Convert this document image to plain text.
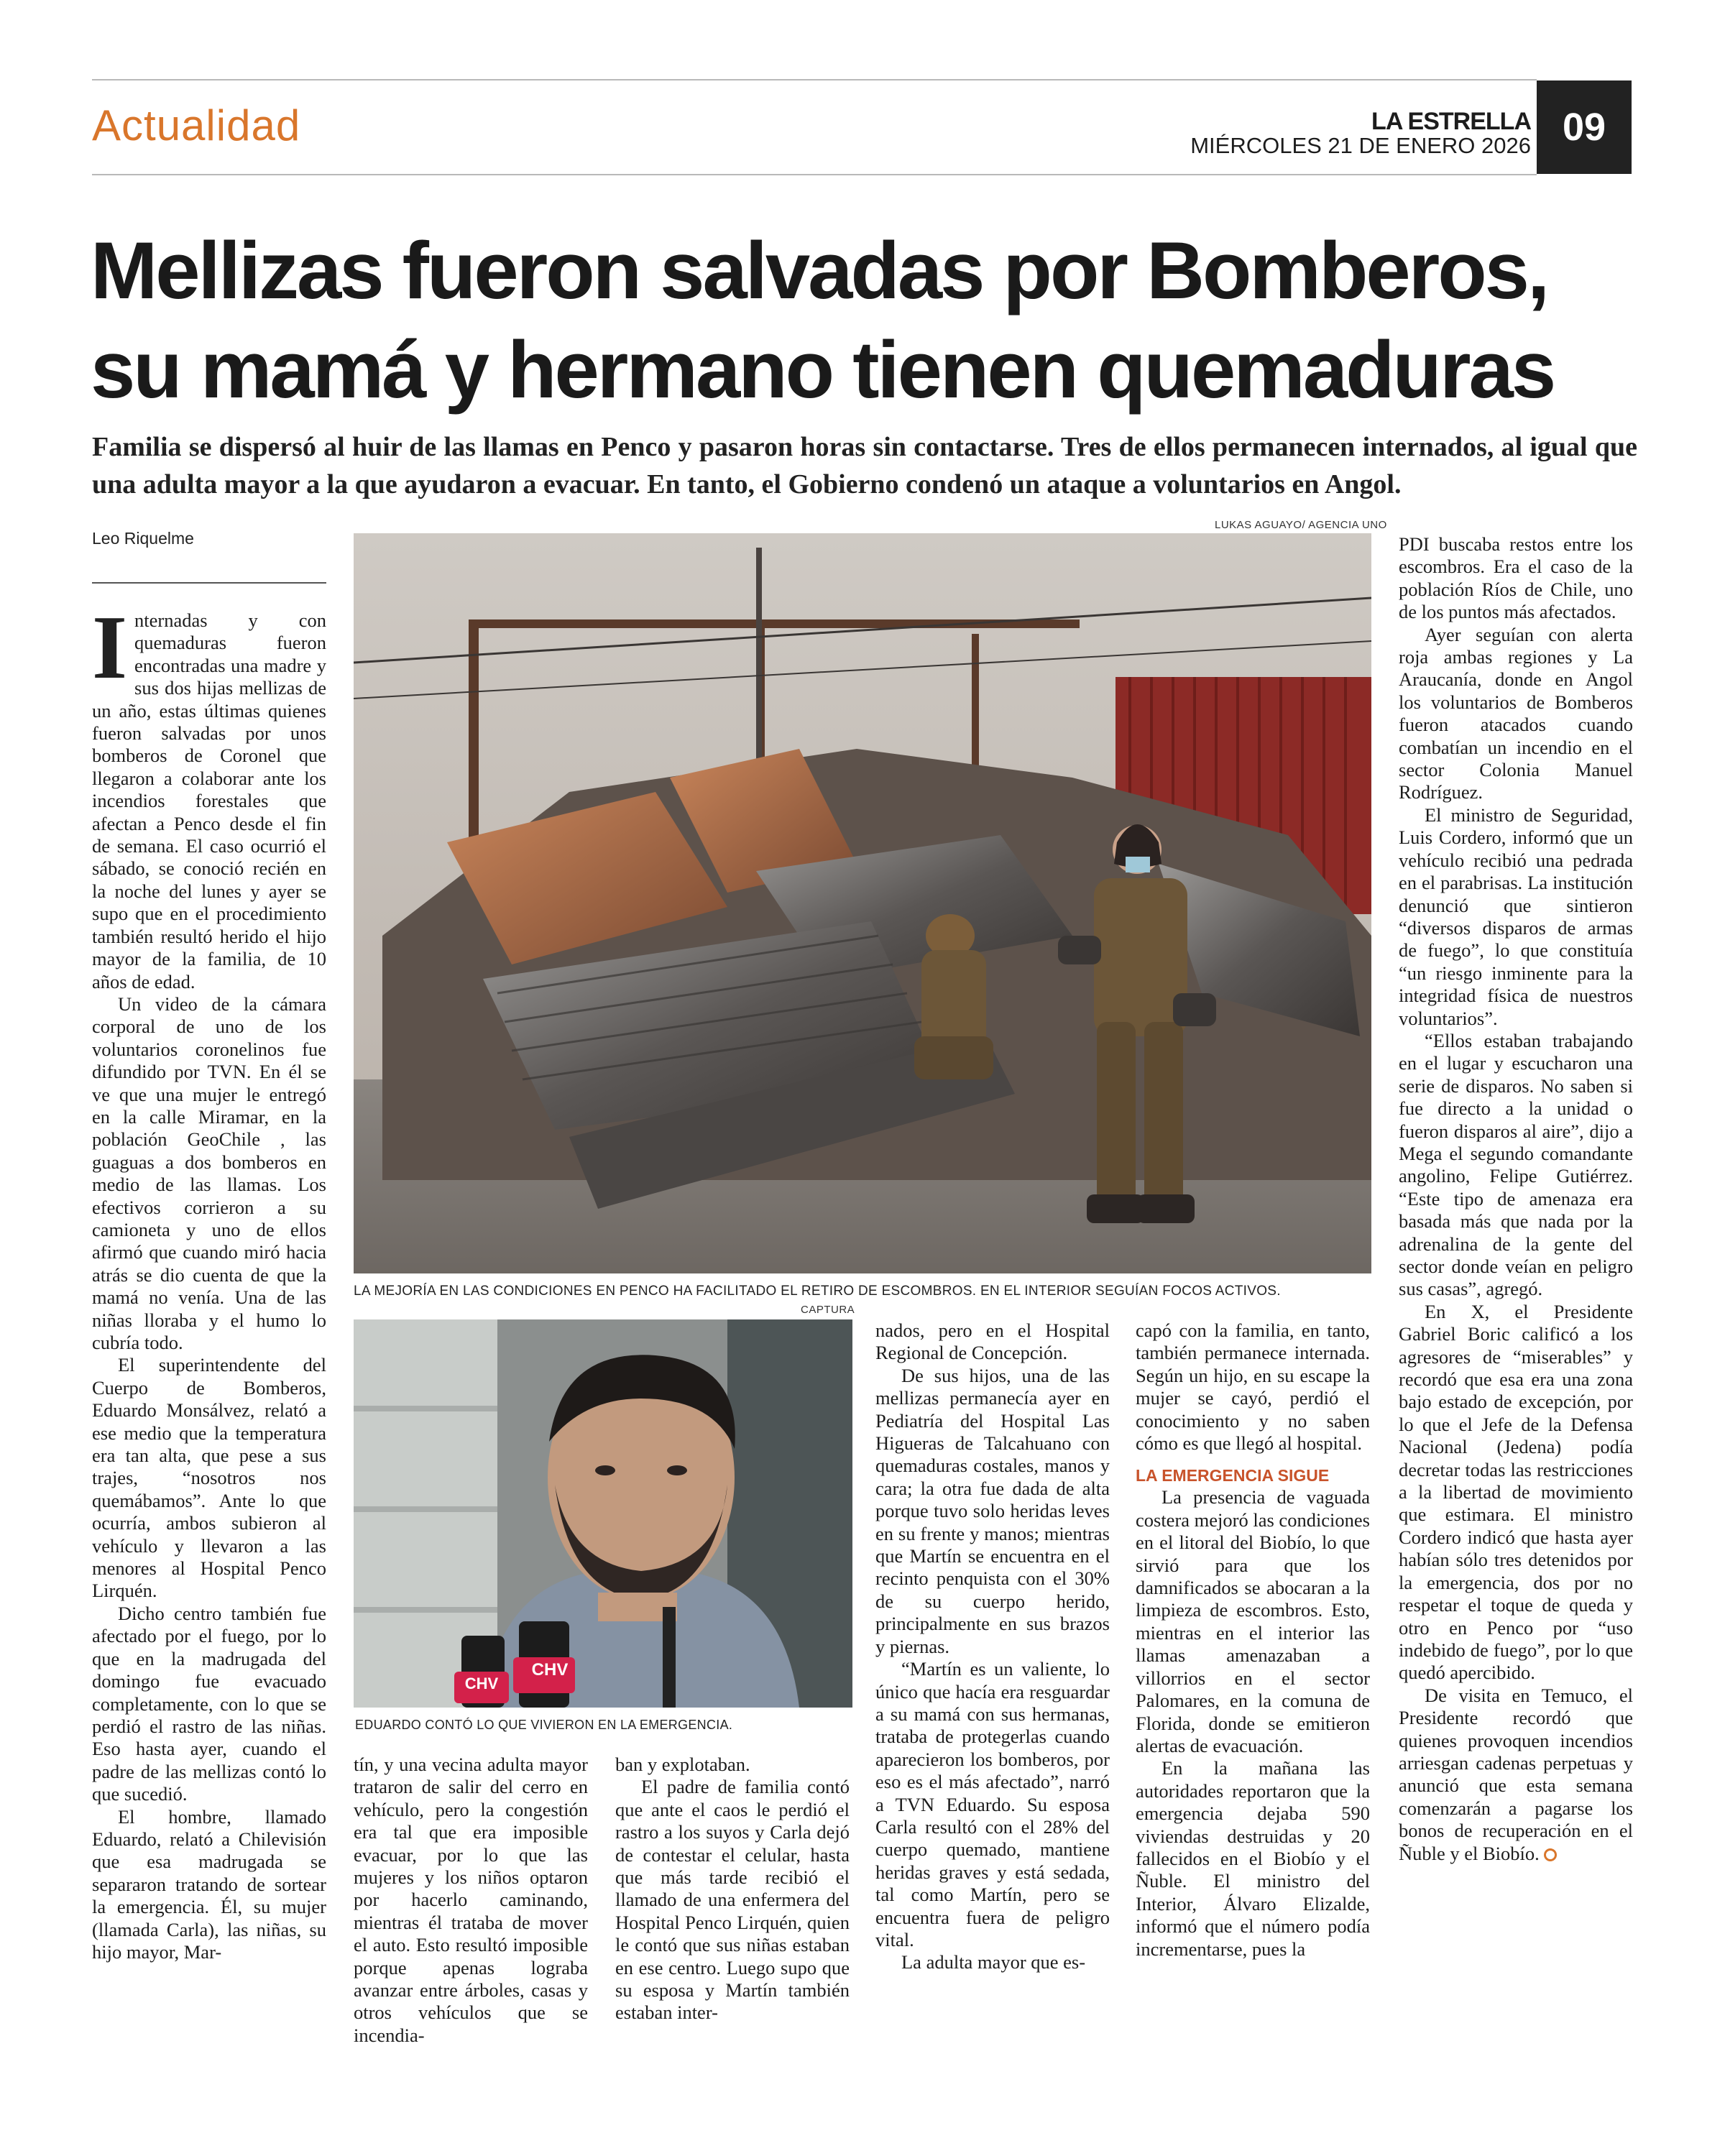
Actualidad	LA ESTRELLA
MIÉRCOLES 21 DE ENERO 2026 09
Mellizas fueron salvadas por Bomberos,
su mamá y hermano tienen quemaduras
Familia se dispersó al huir de las llamas en Penco y pasaron horas sin contactarse. Tres de ellos permanecen internados, al igual que una adulta mayor a la que ayudaron a evacuar. En tanto, el Gobierno condenó un ataque a voluntarios en Angol.
Leo Riquelme
LUKAS AGUAYO/ AGENCIA UNO
LA MEJORÍA EN LAS CONDICIONES EN PENCO HA FACILITADO EL RETIRO DE ESCOMBROS. EN EL INTERIOR SEGUÍAN FOCOS ACTIVOS.
CAPTURA
CHV
CHV
EDUARDO CONTÓ LO QUE VIVIERON EN LA EMERGENCIA.

Internadas y con quemaduras fueron encontradas una madre y sus dos hijas mellizas de un año, estas últimas quienes fueron salvadas por unos bomberos de Coronel que llegaron a colaborar ante los incendios forestales que afectan a Penco desde el fin de semana. El caso ocurrió el sábado, se conoció recién en la noche del lunes y ayer se supo que en el procedimiento también resultó herido el hijo mayor de la familia, de 10 años de edad.

Un video de la cámara corporal de uno de los voluntarios coronelinos fue difundido por TVN. En él se ve que una mujer le entregó en la calle Miramar, en la población GeoChile , las guaguas a dos bomberos en medio de las llamas. Los efectivos corrieron a su camioneta y uno de ellos afirmó que cuando miró hacia atrás se dio cuenta de que la mamá no venía. Una de las niñas lloraba y el humo lo cubría todo.

El superintendente del Cuerpo de Bomberos, Eduardo Monsálvez, relató a ese medio que la temperatura era tan alta, que pese a sus trajes, “nosotros nos quemábamos”. Ante lo que ocurría, ambos subieron al vehículo y llevaron a las menores al Hospital Penco Lirquén.

Dicho centro también fue afectado por el fuego, por lo que en la madrugada del domingo fue evacuado completamente, con lo que se perdió el rastro de las niñas. Eso hasta ayer, cuando el padre de las mellizas contó lo que sucedió.

El hombre, llamado Eduardo, relató a Chilevisión que esa madrugada se separaron tratando de sortear la emergencia. Él, su mujer (llamada Carla), las niñas, su hijo mayor, Mar-

tín, y una vecina adulta mayor trataron de salir del cerro en vehículo, pero la congestión era tal que era imposible evacuar, por lo que las mujeres y los niños optaron por hacerlo caminando, mientras él trataba de mover el auto. Esto resultó imposible porque apenas lograba avanzar entre árboles, casas y otros vehículos que se incendia-

ban y explotaban.

El padre de familia contó que ante el caos le perdió el rastro a los suyos y Carla dejó de contestar el celular, hasta que más tarde recibió el llamado de una enfermera del Hospital Penco Lirquén, quien le contó que sus niñas estaban en ese centro. Luego supo que su esposa y Martín también estaban inter-

nados, pero en el Hospital Regional de Concepción.

De sus hijos, una de las mellizas permanecía ayer en Pediatría del Hospital Las Higueras de Talcahuano con quemaduras costales, manos y cara; la otra fue dada de alta porque tuvo solo heridas leves en su frente y manos; mientras que Martín se encuentra en el recinto penquista con el 30% de su cuerpo herido, principalmente en sus brazos y piernas.

“Martín es un valiente, lo único que hacía era resguardar a su mamá con sus hermanas, trataba de protegerlas cuando aparecieron los bomberos, por eso es el más afectado”, narró a TVN Eduardo. Su esposa Carla resultó con el 28% del cuerpo quemado, mantiene heridas graves y está sedada, tal como Martín, pero se encuentra fuera de peligro vital.

La adulta mayor que es-

capó con la familia, en tanto, también permanece internada. Según un hijo, en su escape la mujer se cayó, perdió el conocimiento y no saben cómo es que llegó al hospital.

LA EMERGENCIA SIGUE

La presencia de vaguada costera mejoró las condiciones en el litoral del Biobío, lo que sirvió para que los damnificados se abocaran a la limpieza de escombros. Esto, mientras en el interior las llamas amenazaban a villorrios en el sector Palomares, en la comuna de Florida, donde se emitieron alertas de evacuación.

En la mañana las autoridades reportaron que la emergencia dejaba 590 viviendas destruidas y 20 fallecidos en el Biobío y el Ñuble. El ministro del Interior, Álvaro Elizalde, informó que el número podía incrementarse, pues la

PDI buscaba restos entre los escombros. Era el caso de la población Ríos de Chile, uno de los puntos más afectados.

Ayer seguían con alerta roja ambas regiones y La Araucanía, donde en Angol los voluntarios de Bomberos fueron atacados cuando combatían un incendio en el sector Colonia Manuel Rodríguez.

El ministro de Seguridad, Luis Cordero, informó que un vehículo recibió una pedrada en el parabrisas. La institución denunció que sintieron “diversos disparos de armas de fuego”, lo que constituía “un riesgo inminente para la integridad física de nuestros voluntarios”.

“Ellos estaban trabajando en el lugar y escucharon una serie de disparos. No saben si fue directo a la unidad o fueron disparos al aire”, dijo a Mega el segundo comandante angolino, Felipe Gutiérrez. “Este tipo de amenaza era basada más que nada por la adrenalina de la gente del sector donde veían en peligro sus casas”, agregó.

En X, el Presidente Gabriel Boric calificó a los agresores de “miserables” y recordó que esa era una zona bajo estado de excepción, por lo que el Jefe de la Defensa Nacional (Jedena) podía decretar todas las restricciones a la libertad de movimiento que estimara. El ministro Cordero indicó que hasta ayer habían sólo tres detenidos por la emergencia, dos por no respetar el toque de queda y otro en Penco por “uso indebido de fuego”, por lo que quedó apercibido.

De visita en Temuco, el Presidente recordó que quienes provoquen incendios arriesgan cadenas perpetuas y anunció que esta semana comenzarán a pagarse los bonos de recuperación en el Ñuble y el Biobío.
